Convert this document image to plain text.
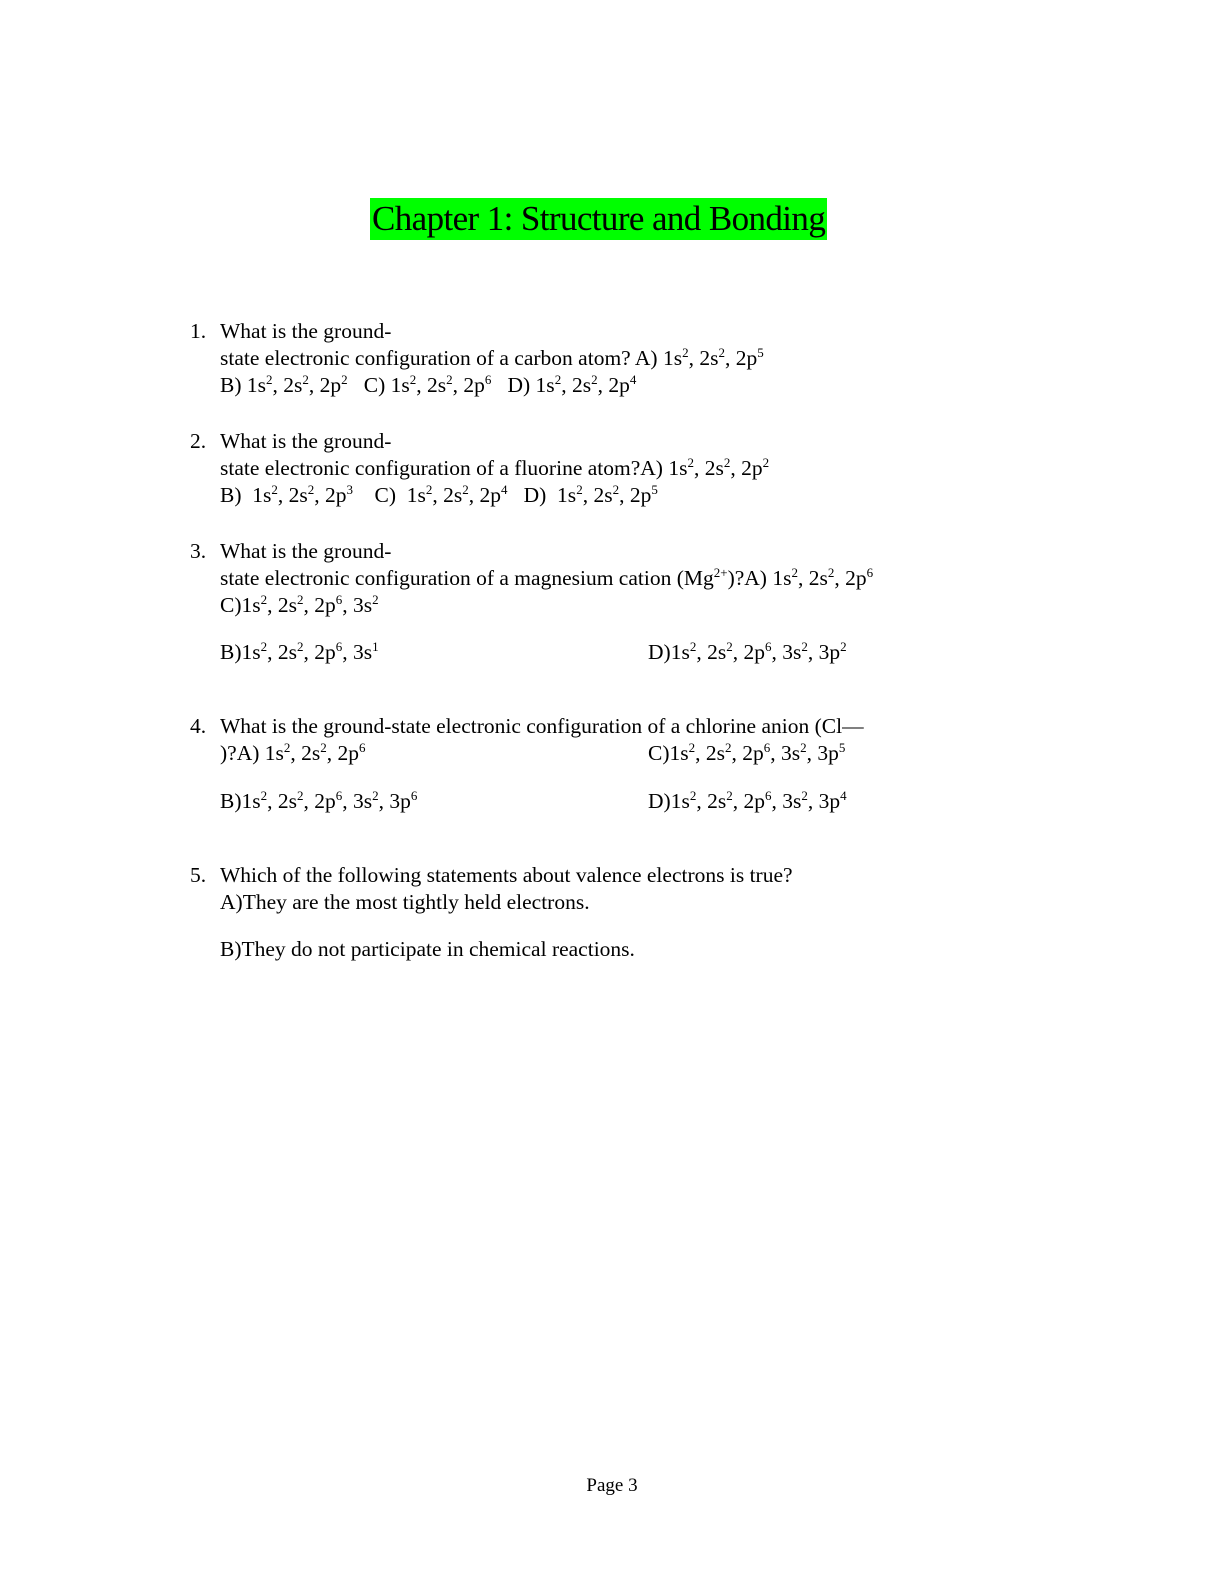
Chapter 1: Structure and Bonding
1. What is the ground-
state electronic configuration of a carbon atom? A) $1s^2$, $2s^2$, $2p^5$
B) $1s^2$, $2s^2$, $2p^2$ C) $1s^2$, $2s^2$, $2p^6$ D) $1s^2$, $2s^2$, $2p^4$
2. What is the ground-
state electronic configuration of a fluorine atom?A) $1s^2$, $2s^2$, $2p^2$
B)  $1s^2$, $2s^2$, $2p^3$    C)  $1s^2$, $2s^2$, $2p^4$   D)  $1s^2$, $2s^2$, $2p^5$
3. What is the ground-
state electronic configuration of a magnesium cation $(Mg^{2+})?A$) $1s^2$, $2s^2$, $2p^6$
$C)1s^2$, $2s^2$, $2p^6$, $3s^2$
$B)1s^2$, $2s^2$, $2p^6$, $3s^1$	$D)1s^2$, $2s^2$, $2p^6$, $3s^2$, $3p^2$
4. What is the ground-state electronic configuration of a chlorine anion (Cl—
)?A) $1s^2$, $2s^2$, $2p^6$	$C)1s^2$, $2s^2$, $2p^6$, $3s^2$, $3p^5$
$B)1s^2$, $2s^2$, $2p^6$, $3s^2$, $3p^6$	$D)1s^2$, $2s^2$, $2p^6$, $3s^2$, $3p^4$
5. Which of the following statements about valence electrons is true?
A)They are the most tightly held electrons.
B)They do not participate in chemical reactions.
Page 3
